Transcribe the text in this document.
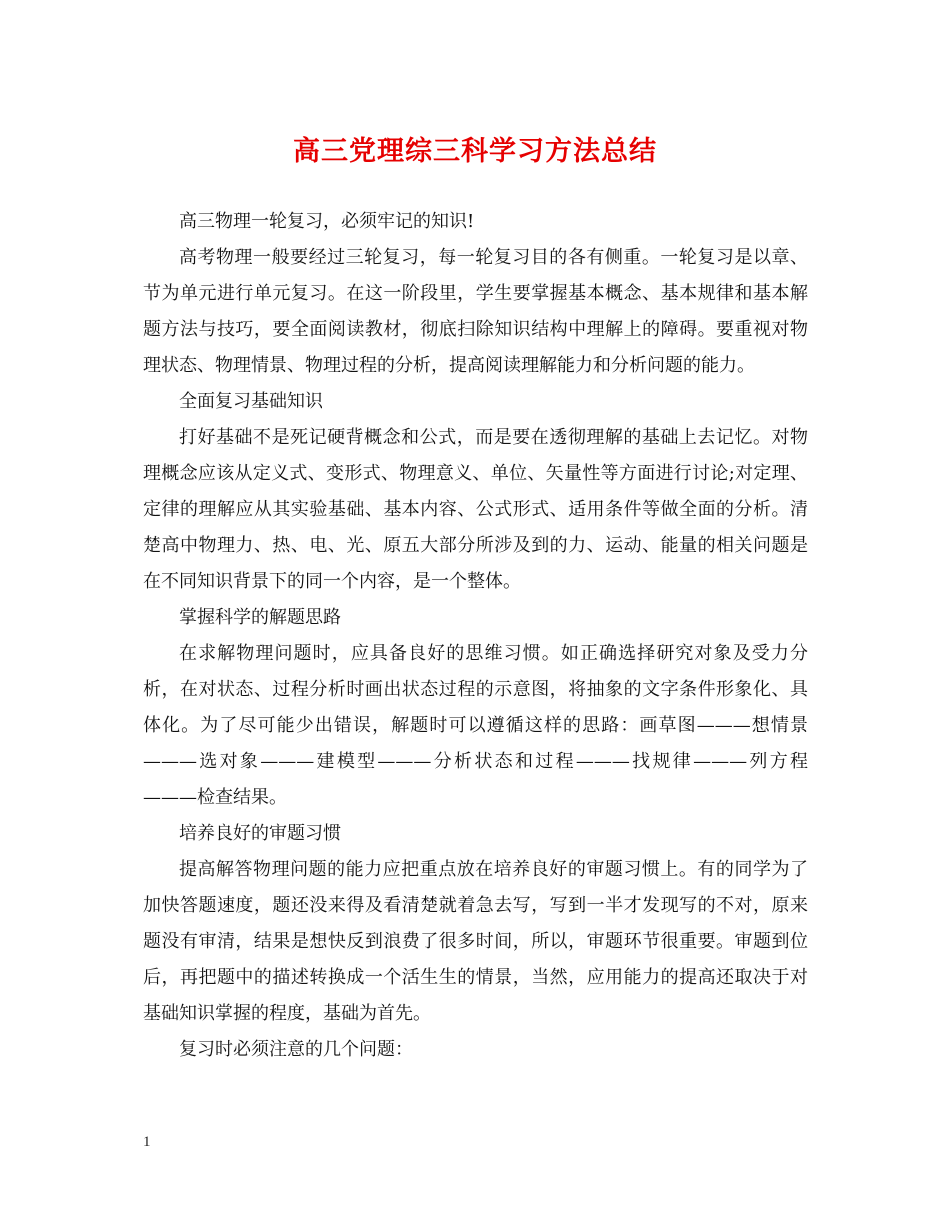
高三党理综三科学习方法总结

高三物理一轮复习，必须牢记的知识!

高考物理一般要经过三轮复习，每一轮复习目的各有侧重。一轮复习是以章、节为单元进行单元复习。在这一阶段里，学生要掌握基本概念、基本规律和基本解题方法与技巧，要全面阅读教材，彻底扫除知识结构中理解上的障碍。要重视对物理状态、物理情景、物理过程的分析，提高阅读理解能力和分析问题的能力。

全面复习基础知识

打好基础不是死记硬背概念和公式，而是要在透彻理解的基础上去记忆。对物理概念应该从定义式、变形式、物理意义、单位、矢量性等方面进行讨论;对定理、定律的理解应从其实验基础、基本内容、公式形式、适用条件等做全面的分析。清楚高中物理力、热、电、光、原五大部分所涉及到的力、运动、能量的相关问题是在不同知识背景下的同一个内容，是一个整体。

掌握科学的解题思路

在求解物理问题时，应具备良好的思维习惯。如正确选择研究对象及受力分析，在对状态、过程分析时画出状态过程的示意图，将抽象的文字条件形象化、具体化。为了尽可能少出错误，解题时可以遵循这样的思路：画草图———想情景———选对象———建模型———分析状态和过程———找规律———列方程———检查结果。

培养良好的审题习惯

提高解答物理问题的能力应把重点放在培养良好的审题习惯上。有的同学为了加快答题速度，题还没来得及看清楚就着急去写，写到一半才发现写的不对，原来题没有审清，结果是想快反到浪费了很多时间，所以，审题环节很重要。审题到位后，再把题中的描述转换成一个活生生的情景，当然，应用能力的提高还取决于对基础知识掌握的程度，基础为首先。

复习时必须注意的几个问题：

1
